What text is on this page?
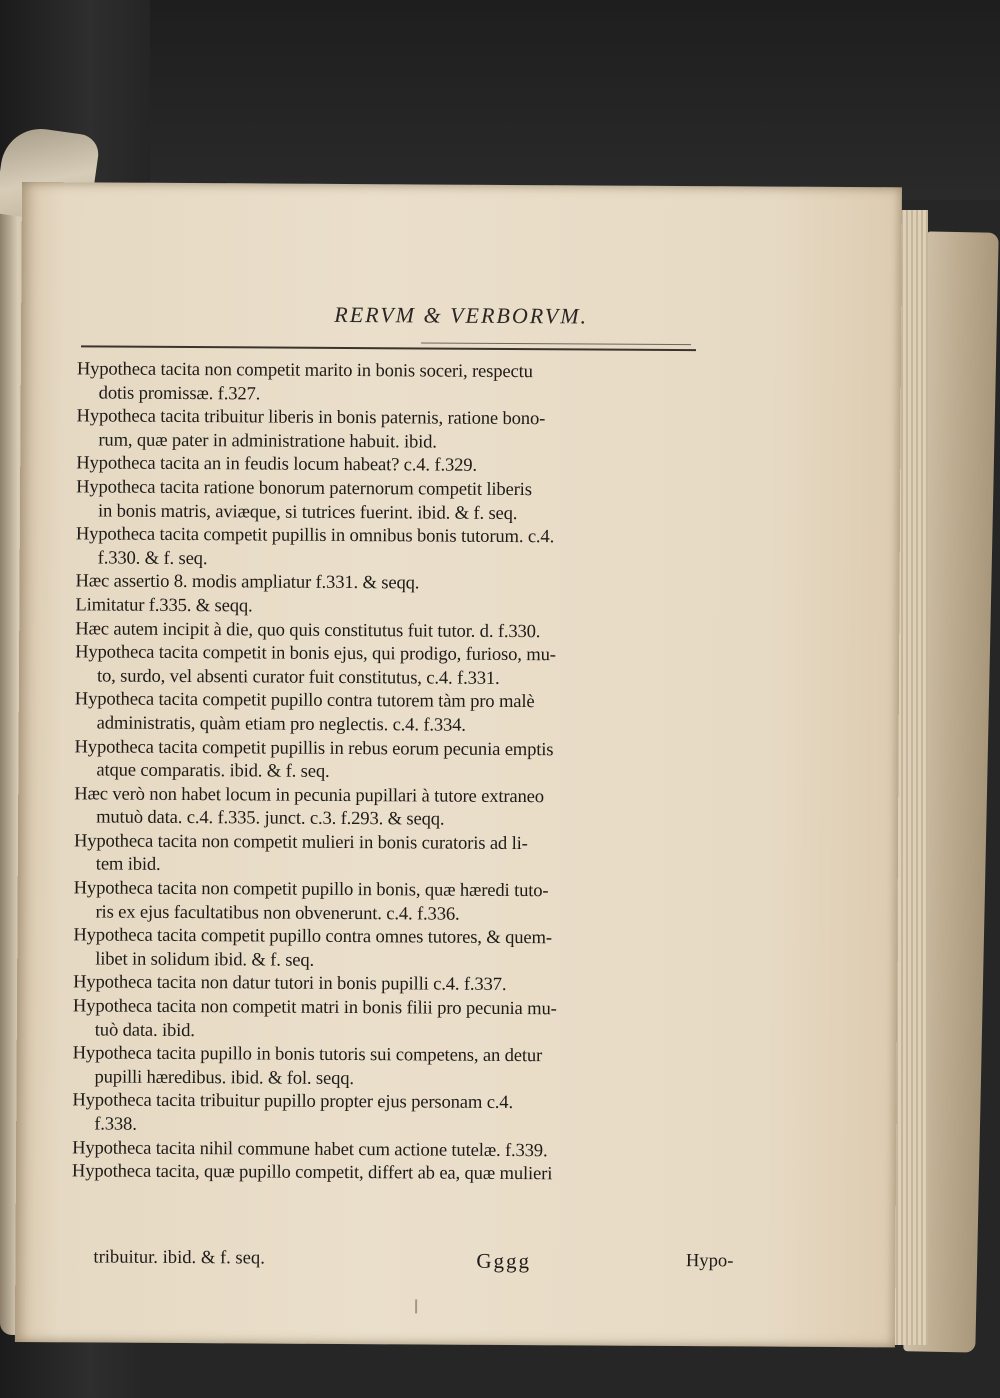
RERVM & VERBORVM.
Hypotheca tacita non competit marito in bonis soceri, respectu
dotis promissæ. f.327.
Hypotheca tacita tribuitur liberis in bonis paternis, ratione bono-
rum, quæ pater in administratione habuit. ibid.
Hypotheca tacita an in feudis locum habeat? c.4. f.329.
Hypotheca tacita ratione bonorum paternorum competit liberis
in bonis matris, aviæque, si tutrices fuerint. ibid. & f. seq.
Hypotheca tacita competit pupillis in omnibus bonis tutorum. c.4.
f.330. & f. seq.
Hæc assertio 8. modis ampliatur f.331. & seqq.
Limitatur f.335. & seqq.
Hæc autem incipit à die, quo quis constitutus fuit tutor. d. f.330.
Hypotheca tacita competit in bonis ejus, qui prodigo, furioso, mu-
to, surdo, vel absenti curator fuit constitutus, c.4. f.331.
Hypotheca tacita competit pupillo contra tutorem tàm pro malè
administratis, quàm etiam pro neglectis. c.4. f.334.
Hypotheca tacita competit pupillis in rebus eorum pecunia emptis
atque comparatis. ibid. & f. seq.
Hæc verò non habet locum in pecunia pupillari à tutore extraneo
mutuò data. c.4. f.335. junct. c.3. f.293. & seqq.
Hypotheca tacita non competit mulieri in bonis curatoris ad li-
tem ibid.
Hypotheca tacita non competit pupillo in bonis, quæ hæredi tuto-
ris ex ejus facultatibus non obvenerunt. c.4. f.336.
Hypotheca tacita competit pupillo contra omnes tutores, & quem-
libet in solidum ibid. & f. seq.
Hypotheca tacita non datur tutori in bonis pupilli c.4. f.337.
Hypotheca tacita non competit matri in bonis filii pro pecunia mu-
tuò data. ibid.
Hypotheca tacita pupillo in bonis tutoris sui competens, an detur
pupilli hæredibus. ibid. & fol. seqq.
Hypotheca tacita tribuitur pupillo propter ejus personam c.4.
f.338.
Hypotheca tacita nihil commune habet cum actione tutelæ. f.339.
Hypotheca tacita, quæ pupillo competit, differt ab ea, quæ mulieri
tribuitur. ibid. & f. seq.	Gggg	Hypo-
